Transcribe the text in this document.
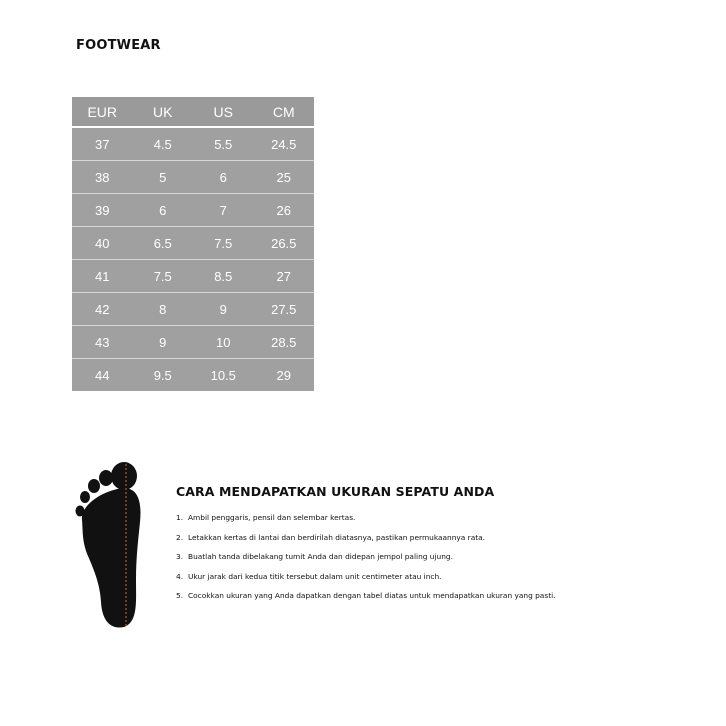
FOOTWEAR
EUR	UK	US	CM
37	4.5	5.5	24.5
38	5	6	25
39	6	7	26
40	6.5	7.5	26.5
41	7.5	8.5	27
42	8	9	27.5
43	9	10	28.5
44	9.5	10.5	29
CARA MENDAPATKAN UKURAN SEPATU ANDA
1. Ambil penggaris, pensil dan selembar kertas.
2. Letakkan kertas di lantai dan berdirilah diatasnya, pastikan permukaannya rata.
3. Buatlah tanda dibelakang tumit Anda dan didepan jempol paling ujung.
4. Ukur jarak dari kedua titik tersebut dalam unit centimeter atau inch.
5. Cocokkan ukuran yang Anda dapatkan dengan tabel diatas untuk mendapatkan ukuran yang pasti.
